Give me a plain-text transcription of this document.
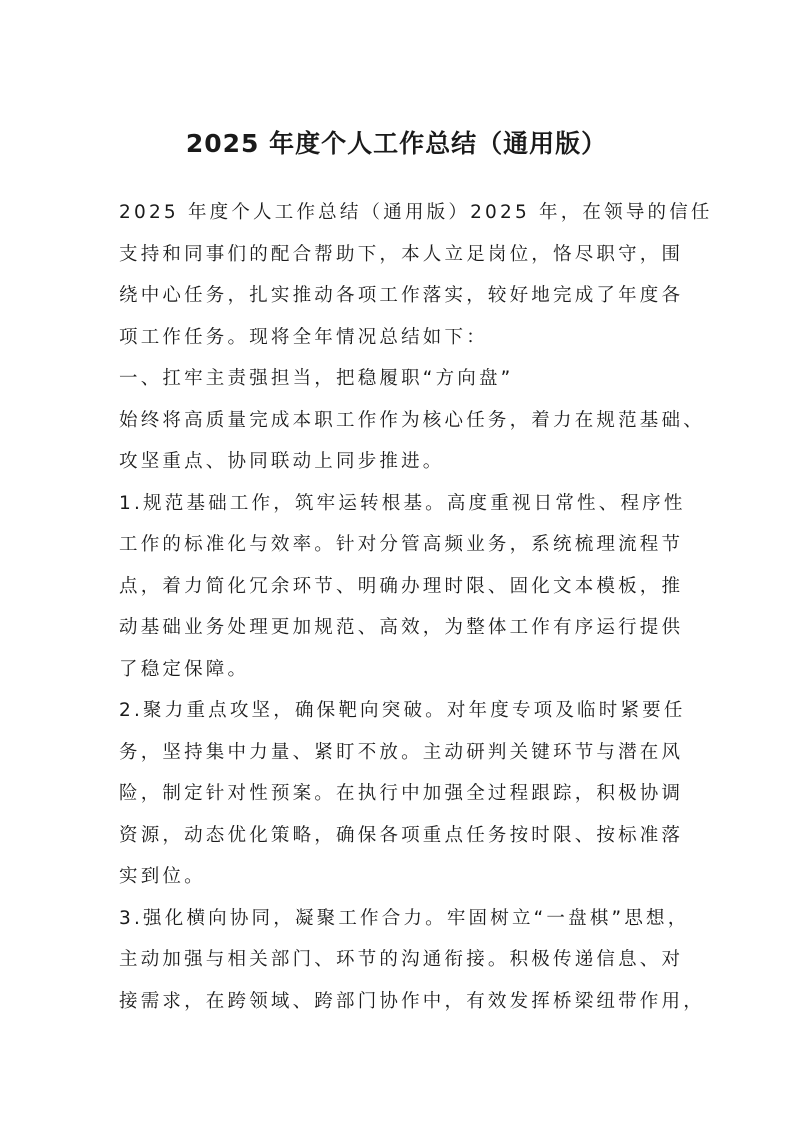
2025 年度个人工作总结（通用版）
2025 年度个人工作总结（通用版）2025 年，在领导的信任
支持和同事们的配合帮助下，本人立足岗位，恪尽职守，围
绕中心任务，扎实推动各项工作落实，较好地完成了年度各
项工作任务。现将全年情况总结如下：
一、扛牢主责强担当，把稳履职“方向盘”
始终将高质量完成本职工作作为核心任务，着力在规范基础、
攻坚重点、协同联动上同步推进。
1.规范基础工作，筑牢运转根基。高度重视日常性、程序性
工作的标准化与效率。针对分管高频业务，系统梳理流程节
点，着力简化冗余环节、明确办理时限、固化文本模板，推
动基础业务处理更加规范、高效，为整体工作有序运行提供
了稳定保障。
2.聚力重点攻坚，确保靶向突破。对年度专项及临时紧要任
务，坚持集中力量、紧盯不放。主动研判关键环节与潜在风
险，制定针对性预案。在执行中加强全过程跟踪，积极协调
资源，动态优化策略，确保各项重点任务按时限、按标准落
实到位。
3.强化横向协同，凝聚工作合力。牢固树立“一盘棋”思想，
主动加强与相关部门、环节的沟通衔接。积极传递信息、对
接需求，在跨领域、跨部门协作中，有效发挥桥梁纽带作用，
